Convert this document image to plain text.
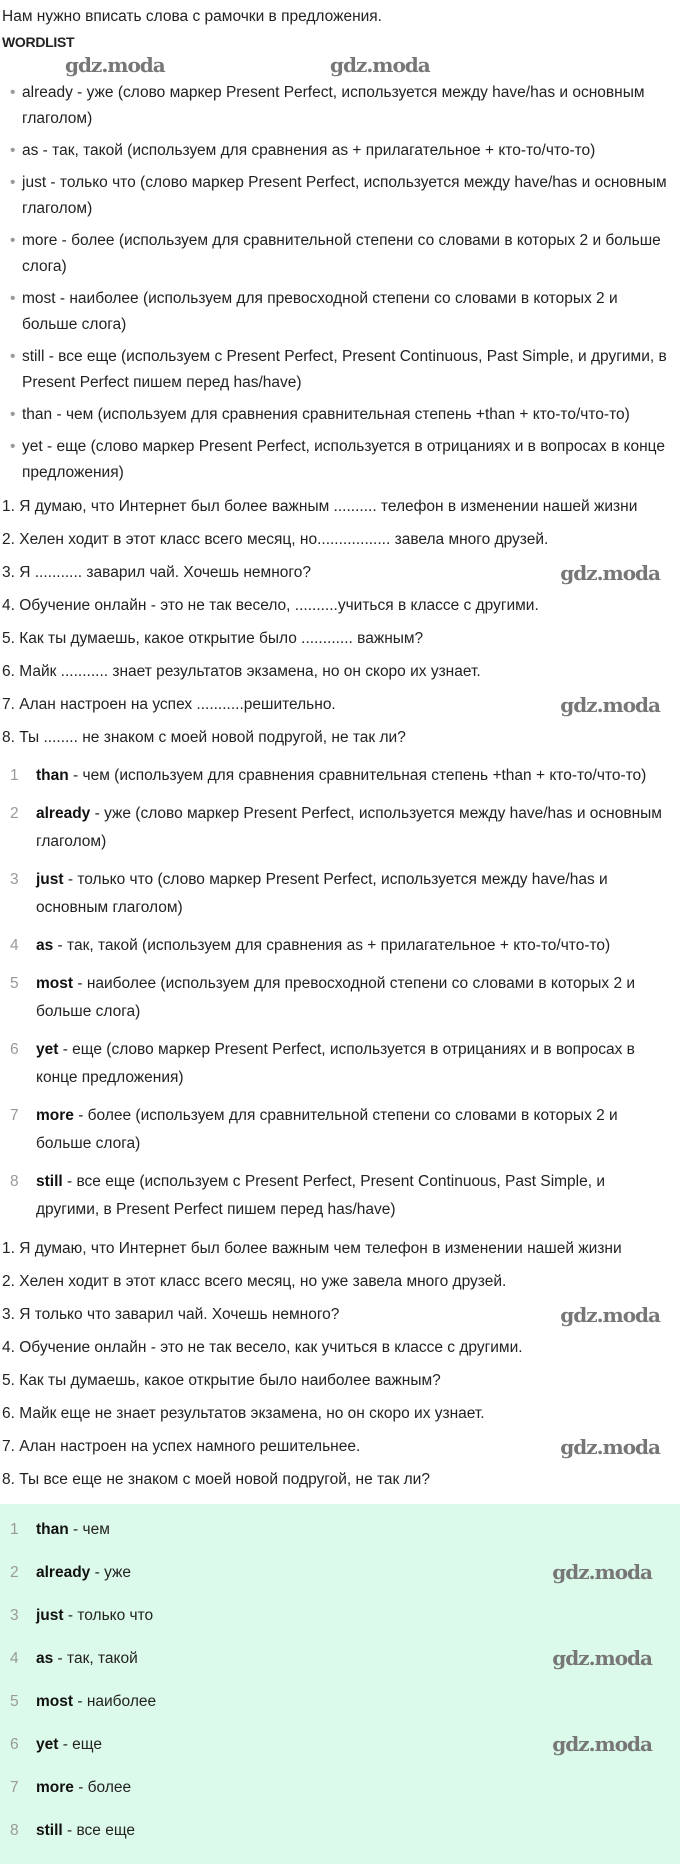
Нам нужно вписать слова с рамочки в предложения.
WORDLIST
gdz.moda	gdz.moda
• already - уже (слово маркер Present Perfect, используется между have/has и основным глаголом)
• as - так, такой (используем для сравнения as + прилагательное + кто-то/что-то)
• just - только что (слово маркер Present Perfect, используется между have/has и основным глаголом)
• more - более (используем для сравнительной степени со словами в которых 2 и больше слога)
• most - наиболее (используем для превосходной степени со словами в которых 2 и больше слога)
• still - все еще (используем с Present Perfect, Present Continuous, Past Simple, и другими, в Present Perfect пишем перед has/have)
• than - чем (используем для сравнения сравнительная степень +than + кто-то/что-то)
• yet - еще (слово маркер Present Perfect, используется в отрицаниях и в вопросах в конце предложения)
1. Я думаю, что Интернет был более важным .......... телефон в изменении нашей жизни
2. Хелен ходит в этот класс всего месяц, но................. завела много друзей.
3. Я ........... заварил чай. Хочешь немного?	gdz.moda
4. Обучение онлайн - это не так весело, ..........учиться в классе с другими.
5. Как ты думаешь, какое открытие было ............ важным?
6. Майк ........... знает результатов экзамена, но он скоро их узнает.
7. Алан настроен на успех ...........решительно.	gdz.moda
8. Ты ........ не знаком с моей новой подругой, не так ли?
1	than - чем (используем для сравнения сравнительная степень +than + кто-то/что-то)
2	already - уже (слово маркер Present Perfect, используется между have/has и основным глаголом)
3	just - только что (слово маркер Present Perfect, используется между have/has и основным глаголом)
4	as - так, такой (используем для сравнения as + прилагательное + кто-то/что-то)
5	most - наиболее (используем для превосходной степени со словами в которых 2 и больше слога)
6	yet - еще (слово маркер Present Perfect, используется в отрицаниях и в вопросах в конце предложения)
7	more - более (используем для сравнительной степени со словами в которых 2 и больше слога)
8	still - все еще (используем с Present Perfect, Present Continuous, Past Simple, и другими, в Present Perfect пишем перед has/have)
1. Я думаю, что Интернет был более важным чем телефон в изменении нашей жизни
2. Хелен ходит в этот класс всего месяц, но уже завела много друзей.
3. Я только что заварил чай. Хочешь немного?	gdz.moda
4. Обучение онлайн - это не так весело, как учиться в классе с другими.
5. Как ты думаешь, какое открытие было наиболее важным?
6. Майк еще не знает результатов экзамена, но он скоро их узнает.
7. Алан настроен на успех намного решительнее.	gdz.moda
8. Ты все еще не знаком с моей новой подругой, не так ли?
1	than - чем
2	already - уже	gdz.moda
3	just - только что
4	as - так, такой	gdz.moda
5	most - наиболее
6	yet - еще	gdz.moda
7	more - более
8	still - все еще
